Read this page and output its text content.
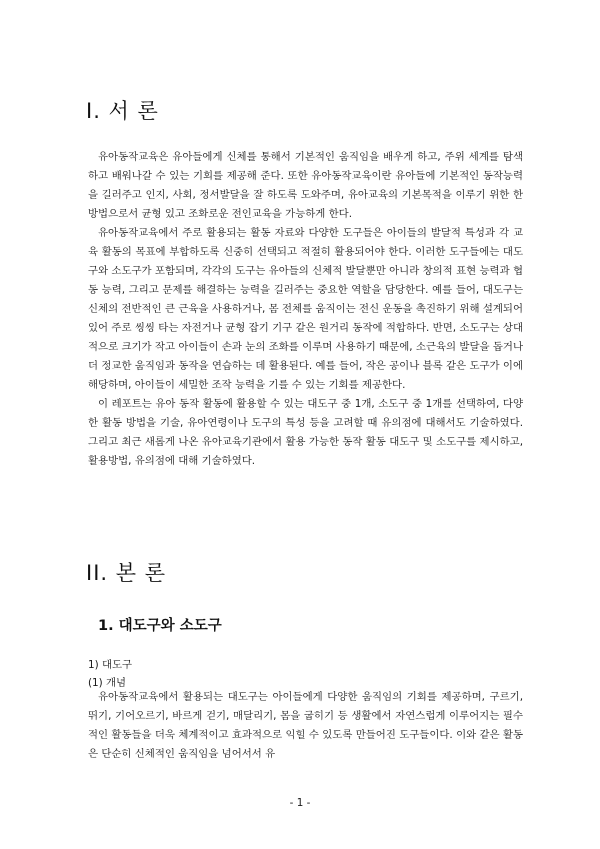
I. 서 론

유아동작교육은 유아들에게 신체를 통해서 기본적인 움직임을 배우게 하고, 주위 세계를 탐색하고 배워나갈 수 있는 기회를 제공해 준다. 또한 유아동작교육이란 유아들에 기본적인 동작능력을 길러주고 인지, 사회, 정서발달을 잘 하도록 도와주며, 유아교육의 기본목적을 이루기 위한 한 방법으로서 균형 있고 조화로운 전인교육을 가능하게 한다.

유아동작교육에서 주로 활용되는 활동 자료와 다양한 도구들은 아이들의 발달적 특성과 각 교육 활동의 목표에 부합하도록 신중히 선택되고 적절히 활용되어야 한다. 이러한 도구들에는 대도구와 소도구가 포함되며, 각각의 도구는 유아들의 신체적 발달뿐만 아니라 창의적 표현 능력과 협동 능력, 그리고 문제를 해결하는 능력을 길러주는 중요한 역할을 담당한다. 예를 들어, 대도구는 신체의 전반적인 큰 근육을 사용하거나, 몸 전체를 움직이는 전신 운동을 촉진하기 위해 설계되어 있어 주로 씽씽 타는 자전거나 균형 잡기 기구 같은 원거리 동작에 적합하다. 반면, 소도구는 상대적으로 크기가 작고 아이들이 손과 눈의 조화를 이루며 사용하기 때문에, 소근육의 발달을 돕거나 더 정교한 움직임과 동작을 연습하는 데 활용된다. 예를 들어, 작은 공이나 블록 같은 도구가 이에 해당하며, 아이들이 세밀한 조작 능력을 기를 수 있는 기회를 제공한다.

이 레포트는 유아 동작 활동에 활용할 수 있는 대도구 중 1개, 소도구 중 1개를 선택하여, 다양한 활동 방법을 기술, 유아연령이나 도구의 특성 등을 고려할 때 유의점에 대해서도 기술하였다. 그리고 최근 새롭게 나온 유아교육기관에서 활용 가능한 동작 활동 대도구 및 소도구를 제시하고, 활용방법, 유의점에 대해 기술하였다.

II. 본 론
1. 대도구와 소도구
1) 대도구
(1) 개념

유아동작교육에서 활용되는 대도구는 아이들에게 다양한 움직임의 기회를 제공하며, 구르기, 뛰기, 기어오르기, 바르게 걷기, 매달리기, 몸을 굽히기 등 생활에서 자연스럽게 이루어지는 필수적인 활동들을 더욱 체계적이고 효과적으로 익힐 수 있도록 만들어진 도구들이다. 이와 같은 활동은 단순히 신체적인 움직임을 넘어서서 유

- 1 -
